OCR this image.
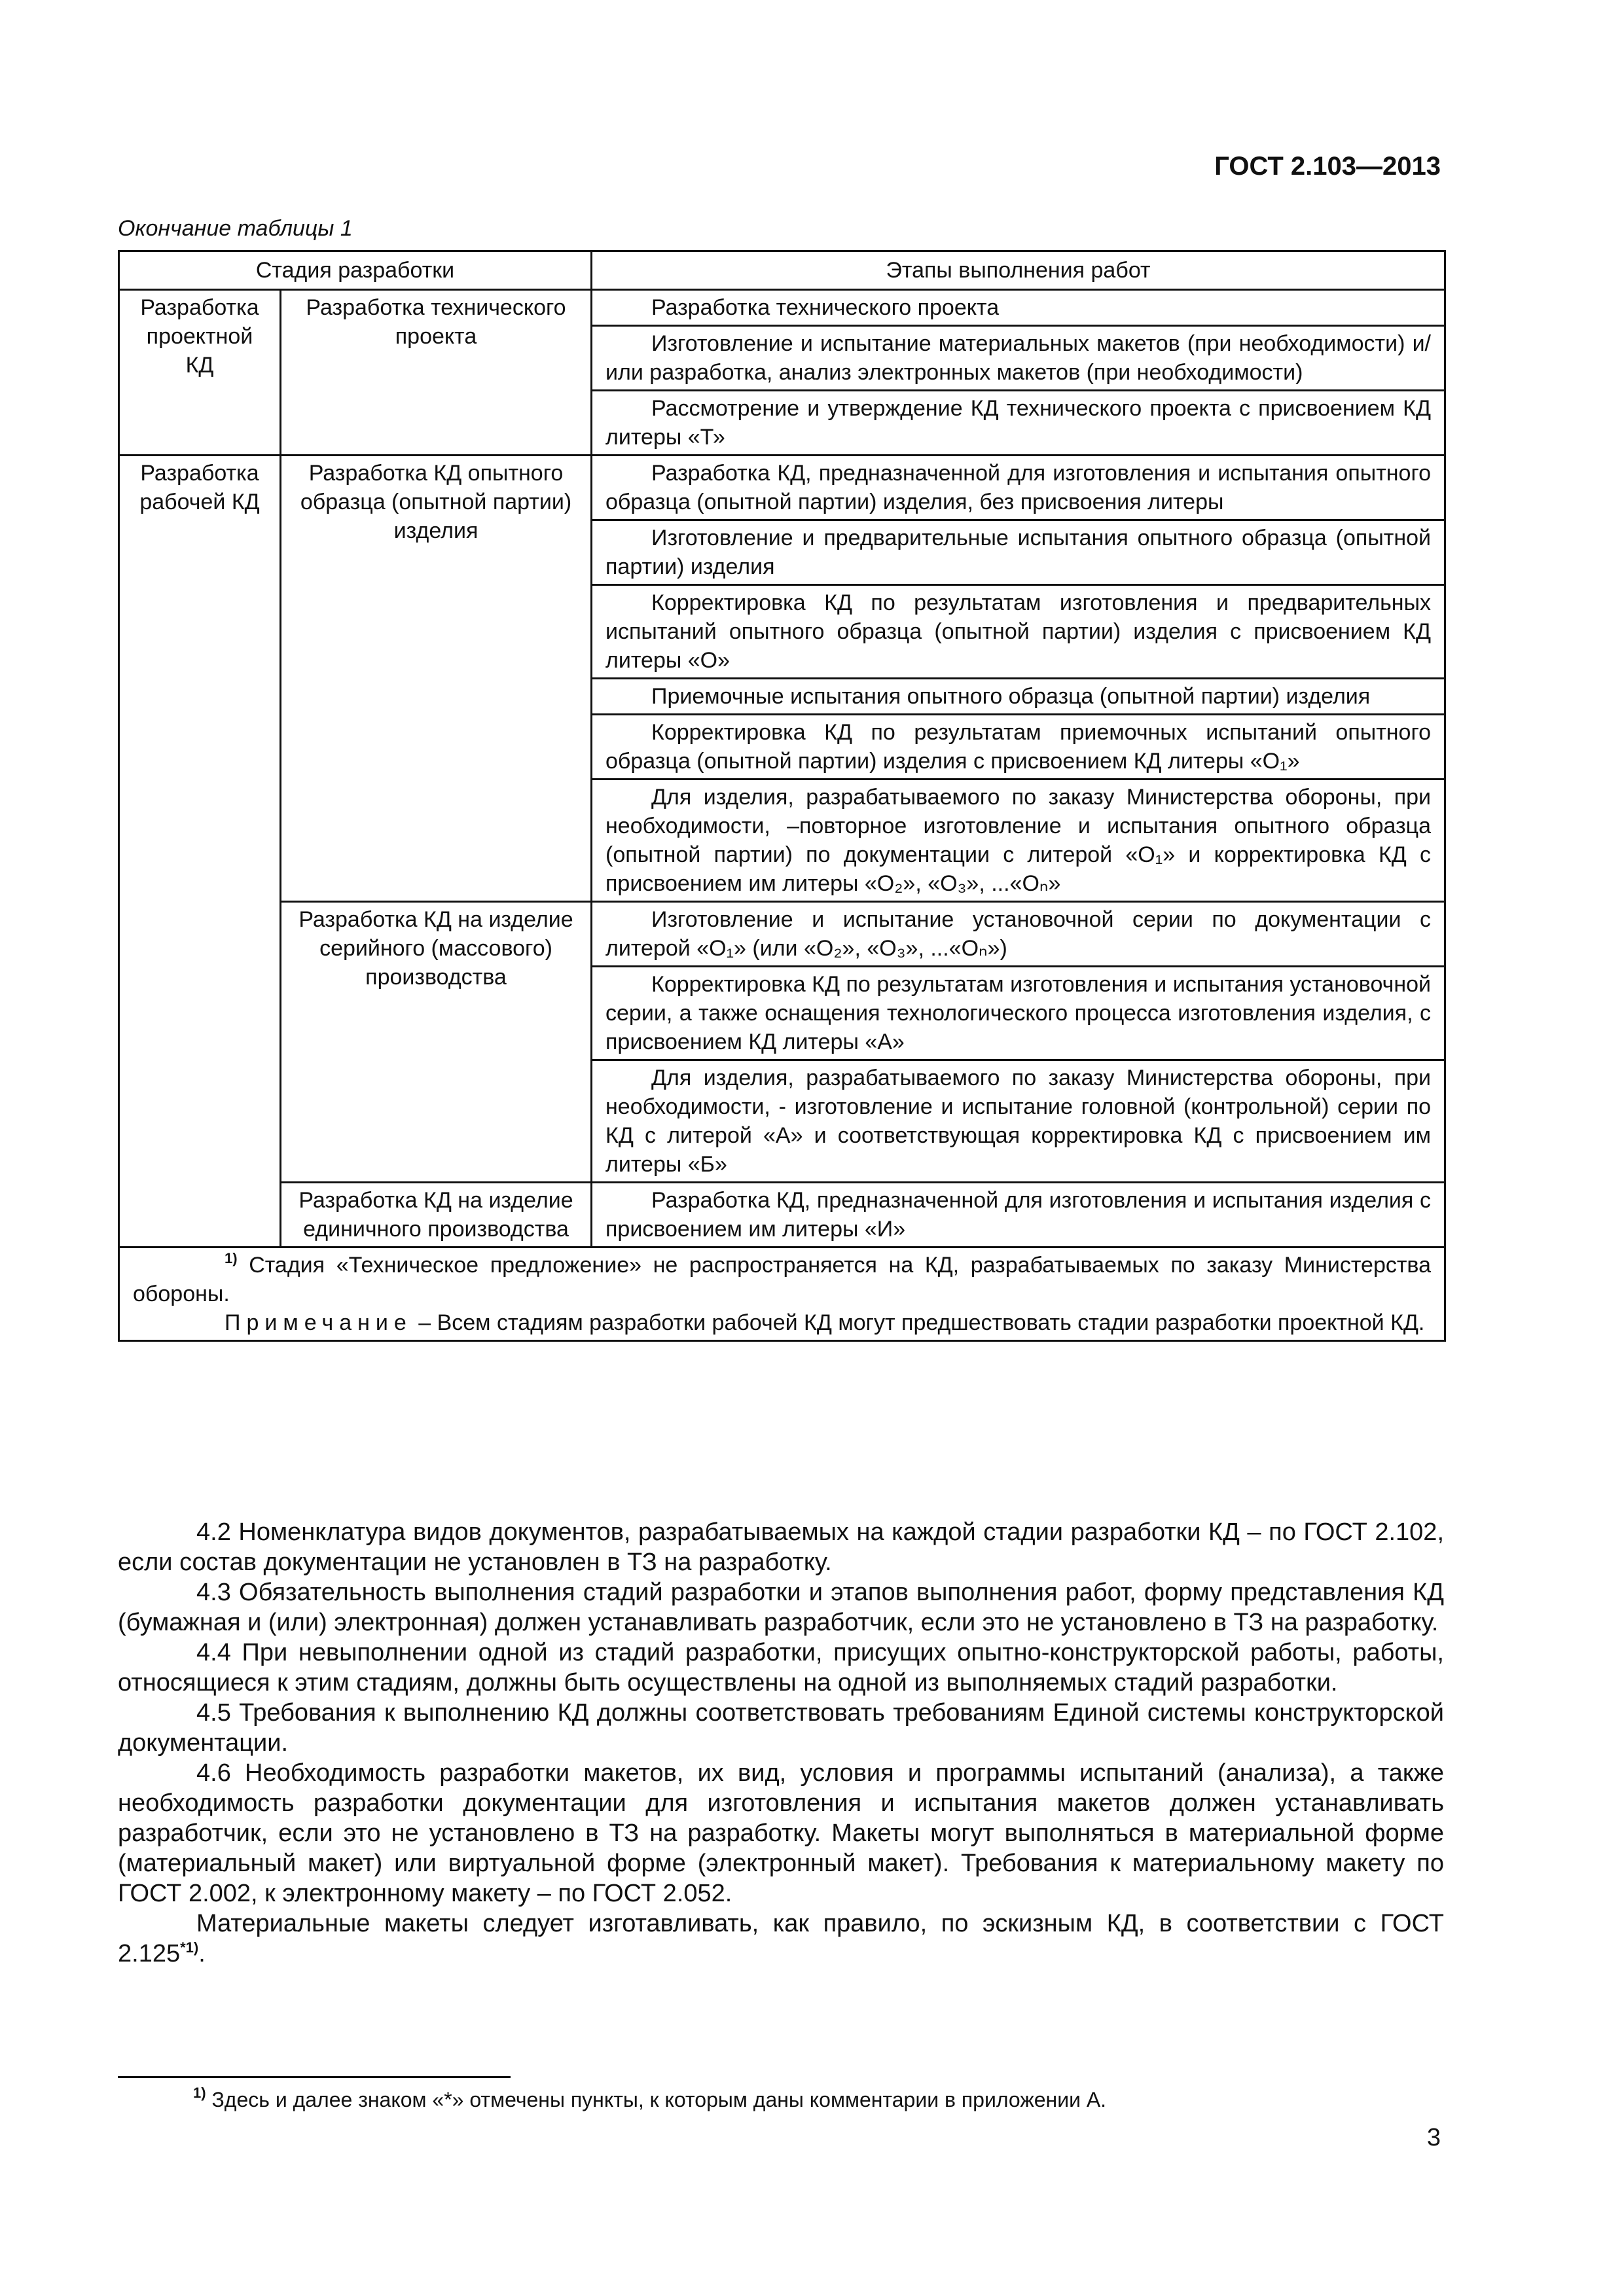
ГОСТ 2.103—2013
Окончание таблицы 1
Стадия разработки		Этапы выполнения работ
Разработка проектной КД	Разработка технического проекта	Разработка технического проекта
		Изготовление и испытание материальных макетов (при необходимости) и/или разработка, анализ электронных макетов (при необходимости)
		Рассмотрение и утверждение КД технического проекта с присвоением КД литеры «Т»
Разработка рабочей КД	Разработка КД опытного образца (опытной партии) изделия	Разработка КД, предназначенной для изготовления и испытания опытного образца (опытной партии) изделия, без присвоения литеры
		Изготовление и предварительные испытания опытного образца (опытной партии) изделия
		Корректировка КД по результатам изготовления и предварительных испытаний опытного образца (опытной партии) изделия с присвоением КД литеры «О»
		Приемочные испытания опытного образца (опытной партии) изделия
		Корректировка КД по результатам приемочных испытаний опытного образца (опытной партии) изделия с присвоением КД литеры «О₁»
		Для изделия, разрабатываемого по заказу Министерства обороны, при необходимости, –повторное изготовление и испытания опытного образца (опытной партии) по документации с литерой «О₁» и корректировка КД с присвоением им литеры «О₂», «О₃», ...«Оₙ»
	Разработка КД на изделие серийного (массового) производства	Изготовление и испытание установочной серии по документации с литерой «О₁» (или «О₂», «О₃», ...«Оₙ»)
		Корректировка КД по результатам изготовления и испытания установочной серии, а также оснащения технологического процесса изготовления изделия, с присвоением КД литеры «А»
		Для изделия, разрабатываемого по заказу Министерства обороны, при необходимости, - изготовление и испытание головной (контрольной) серии по КД с литерой «А» и соответствующая корректировка КД с присвоением им литеры «Б»
	Разработка КД на изделие единичного производства	Разработка КД, предназначенной для изготовления и испытания изделия с присвоением им литеры «И»

$^{1)}$ Стадия «Техническое предложение» не распространяется на КД, разрабатываемых по заказу Министерства обороны.
Примечание – Всем стадиям разработки рабочей КД могут предшествовать стадии разработки проектной КД.		

4.2 Номенклатура видов документов, разрабатываемых на каждой стадии разработки КД – по ГОСТ 2.102, если состав документации не установлен в ТЗ на разработку.

4.3 Обязательность выполнения стадий разработки и этапов выполнения работ, форму представления КД (бумажная и (или) электронная) должен устанавливать разработчик, если это не установлено в ТЗ на разработку.

4.4 При невыполнении одной из стадий разработки, присущих опытно-конструкторской работы, работы, относящиеся к этим стадиям, должны быть осуществлены на одной из выполняемых стадий разработки.

4.5 Требования к выполнению КД должны соответствовать требованиям Единой системы конструкторской документации.

4.6 Необходимость разработки макетов, их вид, условия и программы испытаний (анализа), а также необходимость разработки документации для изготовления и испытания макетов должен устанавливать разработчик, если это не установлено в ТЗ на разработку. Макеты могут выполняться в материальной форме (материальный макет) или виртуальной форме (электронный макет). Требования к материальному макету по ГОСТ 2.002, к электронному макету – по ГОСТ 2.052.

Материальные макеты следует изготавливать, как правило, по эскизным КД, в соответствии с ГОСТ 2.125$^{*1)}$.

$^{1)}$ Здесь и далее знаком «*» отмечены пункты, к которым даны комментарии в приложении А.
3
